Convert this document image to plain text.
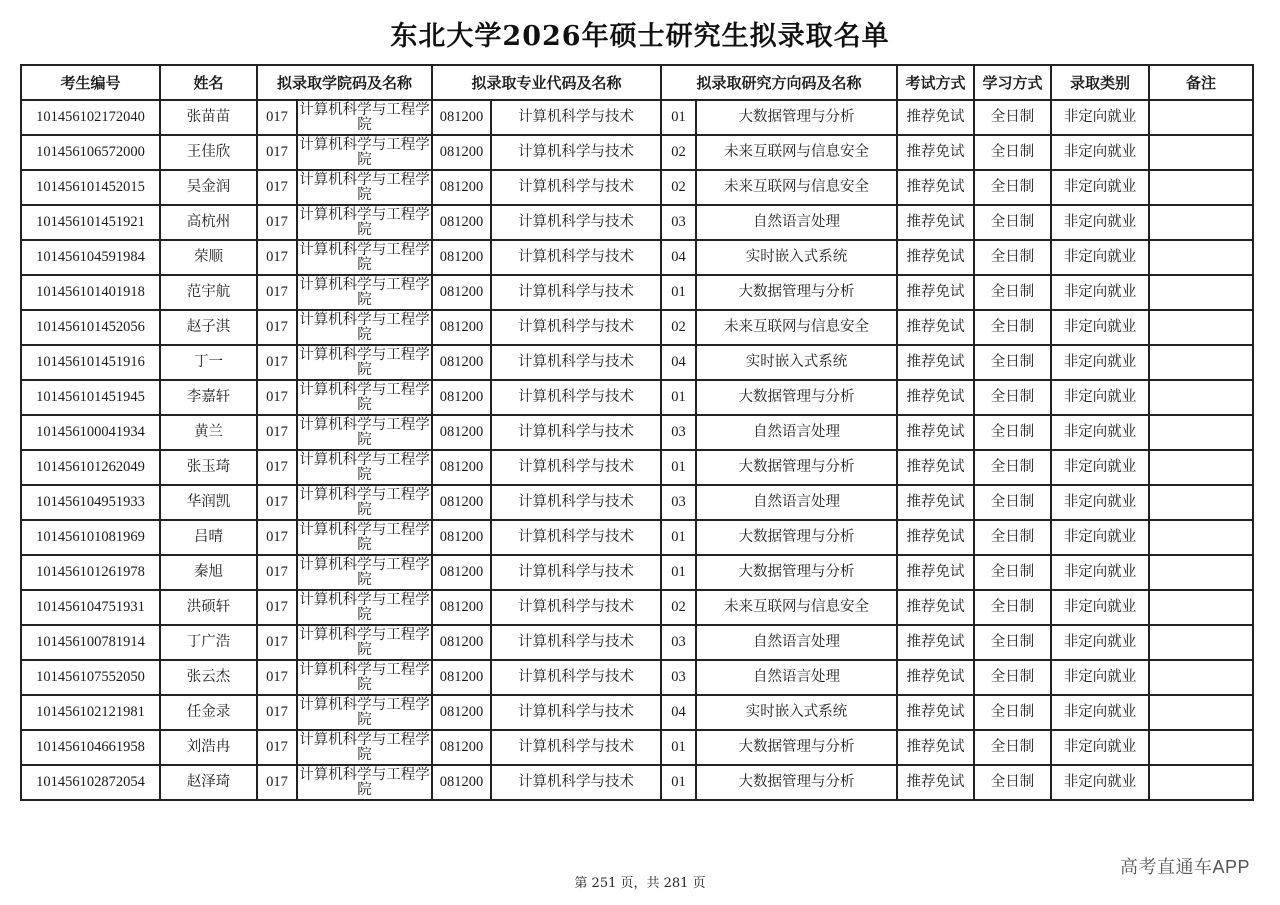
东北大学2026年硕士研究生拟录取名单
考生编号	姓名	拟录取学院码及名称		拟录取专业代码及名称		拟录取研究方向码及名称		考试方式	学习方式	录取类别	备注
101456102172040	张苗苗	017	计算机科学与工程学院	081200	计算机科学与技术	01	大数据管理与分析	推荐免试	全日制	非定向就业	
101456106572000	王佳欣	017	计算机科学与工程学院	081200	计算机科学与技术	02	未来互联网与信息安全	推荐免试	全日制	非定向就业	
101456101452015	吴金润	017	计算机科学与工程学院	081200	计算机科学与技术	02	未来互联网与信息安全	推荐免试	全日制	非定向就业	
101456101451921	高杭州	017	计算机科学与工程学院	081200	计算机科学与技术	03	自然语言处理	推荐免试	全日制	非定向就业	
101456104591984	荣顺	017	计算机科学与工程学院	081200	计算机科学与技术	04	实时嵌入式系统	推荐免试	全日制	非定向就业	
101456101401918	范宇航	017	计算机科学与工程学院	081200	计算机科学与技术	01	大数据管理与分析	推荐免试	全日制	非定向就业	
101456101452056	赵子淇	017	计算机科学与工程学院	081200	计算机科学与技术	02	未来互联网与信息安全	推荐免试	全日制	非定向就业	
101456101451916	丁一	017	计算机科学与工程学院	081200	计算机科学与技术	04	实时嵌入式系统	推荐免试	全日制	非定向就业	
101456101451945	李嘉轩	017	计算机科学与工程学院	081200	计算机科学与技术	01	大数据管理与分析	推荐免试	全日制	非定向就业	
101456100041934	黄兰	017	计算机科学与工程学院	081200	计算机科学与技术	03	自然语言处理	推荐免试	全日制	非定向就业	
101456101262049	张玉琦	017	计算机科学与工程学院	081200	计算机科学与技术	01	大数据管理与分析	推荐免试	全日制	非定向就业	
101456104951933	华润凯	017	计算机科学与工程学院	081200	计算机科学与技术	03	自然语言处理	推荐免试	全日制	非定向就业	
101456101081969	吕晴	017	计算机科学与工程学院	081200	计算机科学与技术	01	大数据管理与分析	推荐免试	全日制	非定向就业	
101456101261978	秦旭	017	计算机科学与工程学院	081200	计算机科学与技术	01	大数据管理与分析	推荐免试	全日制	非定向就业	
101456104751931	洪硕轩	017	计算机科学与工程学院	081200	计算机科学与技术	02	未来互联网与信息安全	推荐免试	全日制	非定向就业	
101456100781914	丁广浩	017	计算机科学与工程学院	081200	计算机科学与技术	03	自然语言处理	推荐免试	全日制	非定向就业	
101456107552050	张云杰	017	计算机科学与工程学院	081200	计算机科学与技术	03	自然语言处理	推荐免试	全日制	非定向就业	
101456102121981	任金录	017	计算机科学与工程学院	081200	计算机科学与技术	04	实时嵌入式系统	推荐免试	全日制	非定向就业	
101456104661958	刘浩冉	017	计算机科学与工程学院	081200	计算机科学与技术	01	大数据管理与分析	推荐免试	全日制	非定向就业	
101456102872054	赵泽琦	017	计算机科学与工程学院	081200	计算机科学与技术	01	大数据管理与分析	推荐免试	全日制	非定向就业	
第 251 页，共 281 页
高考直通车APP
